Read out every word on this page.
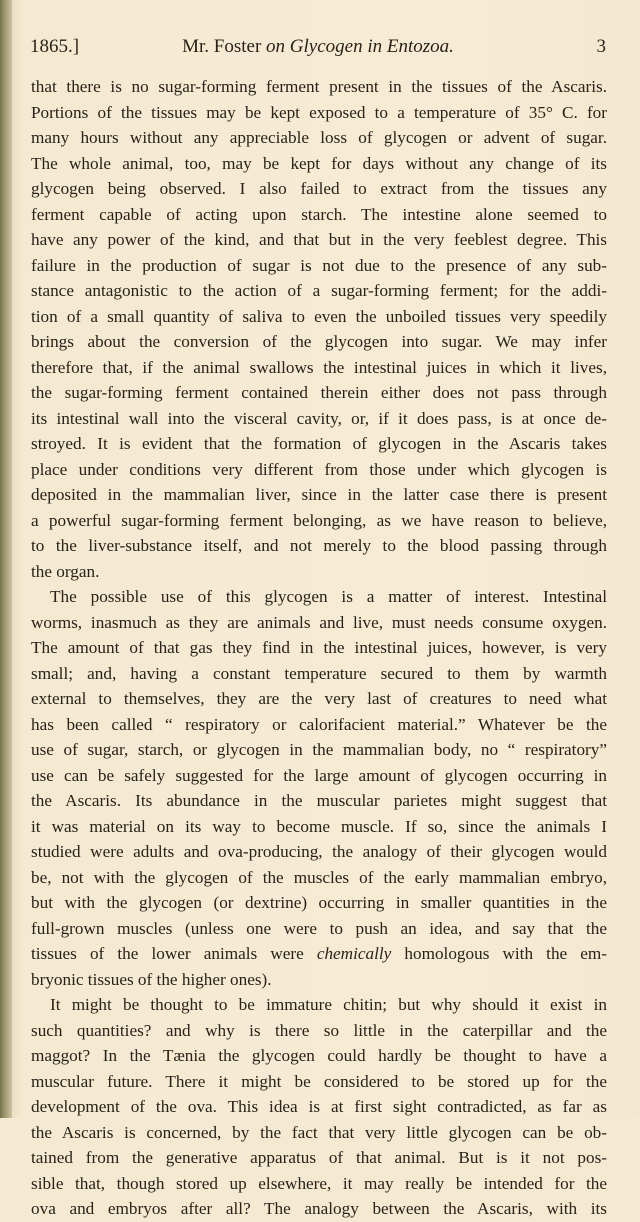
1865.]	Mr. Foster on Glycogen in Entozoa.	3

that there is no sugar-forming ferment present in the tissues of the Ascaris.

Portions of the tissues may be kept exposed to a temperature of 35° C. for

many hours without any appreciable loss of glycogen or advent of sugar.

The whole animal, too, may be kept for days without any change of its

glycogen being observed. I also failed to extract from the tissues any

ferment capable of acting upon starch. The intestine alone seemed to

have any power of the kind, and that but in the very feeblest degree. This

failure in the production of sugar is not due to the presence of any sub-

stance antagonistic to the action of a sugar-forming ferment; for the addi-

tion of a small quantity of saliva to even the unboiled tissues very speedily

brings about the conversion of the glycogen into sugar. We may infer

therefore that, if the animal swallows the intestinal juices in which it lives,

the sugar-forming ferment contained therein either does not pass through

its intestinal wall into the visceral cavity, or, if it does pass, is at once de-

stroyed. It is evident that the formation of glycogen in the Ascaris takes

place under conditions very different from those under which glycogen is

deposited in the mammalian liver, since in the latter case there is present

a powerful sugar-forming ferment belonging, as we have reason to believe,

to the liver-substance itself, and not merely to the blood passing through

the organ.

The possible use of this glycogen is a matter of interest. Intestinal

worms, inasmuch as they are animals and live, must needs consume oxygen.

The amount of that gas they find in the intestinal juices, however, is very

small; and, having a constant temperature secured to them by warmth

external to themselves, they are the very last of creatures to need what

has been called “ respiratory or calorifacient material.” Whatever be the

use of sugar, starch, or glycogen in the mammalian body, no “ respiratory”

use can be safely suggested for the large amount of glycogen occurring in

the Ascaris. Its abundance in the muscular parietes might suggest that

it was material on its way to become muscle. If so, since the animals I

studied were adults and ova-producing, the analogy of their glycogen would

be, not with the glycogen of the muscles of the early mammalian embryo,

but with the glycogen (or dextrine) occurring in smaller quantities in the

full-grown muscles (unless one were to push an idea, and say that the

tissues of the lower animals were chemically homologous with the em-

bryonic tissues of the higher ones).

It might be thought to be immature chitin; but why should it exist in

such quantities? and why is there so little in the caterpillar and the

maggot? In the Tænia the glycogen could hardly be thought to have a

muscular future. There it might be considered to be stored up for the

development of the ova. This idea is at first sight contradicted, as far as

the Ascaris is concerned, by the fact that very little glycogen can be ob-

tained from the generative apparatus of that animal. But is it not pos-

sible that, though stored up elsewhere, it may really be intended for the

ova and embryos after all? The analogy between the Ascaris, with its
